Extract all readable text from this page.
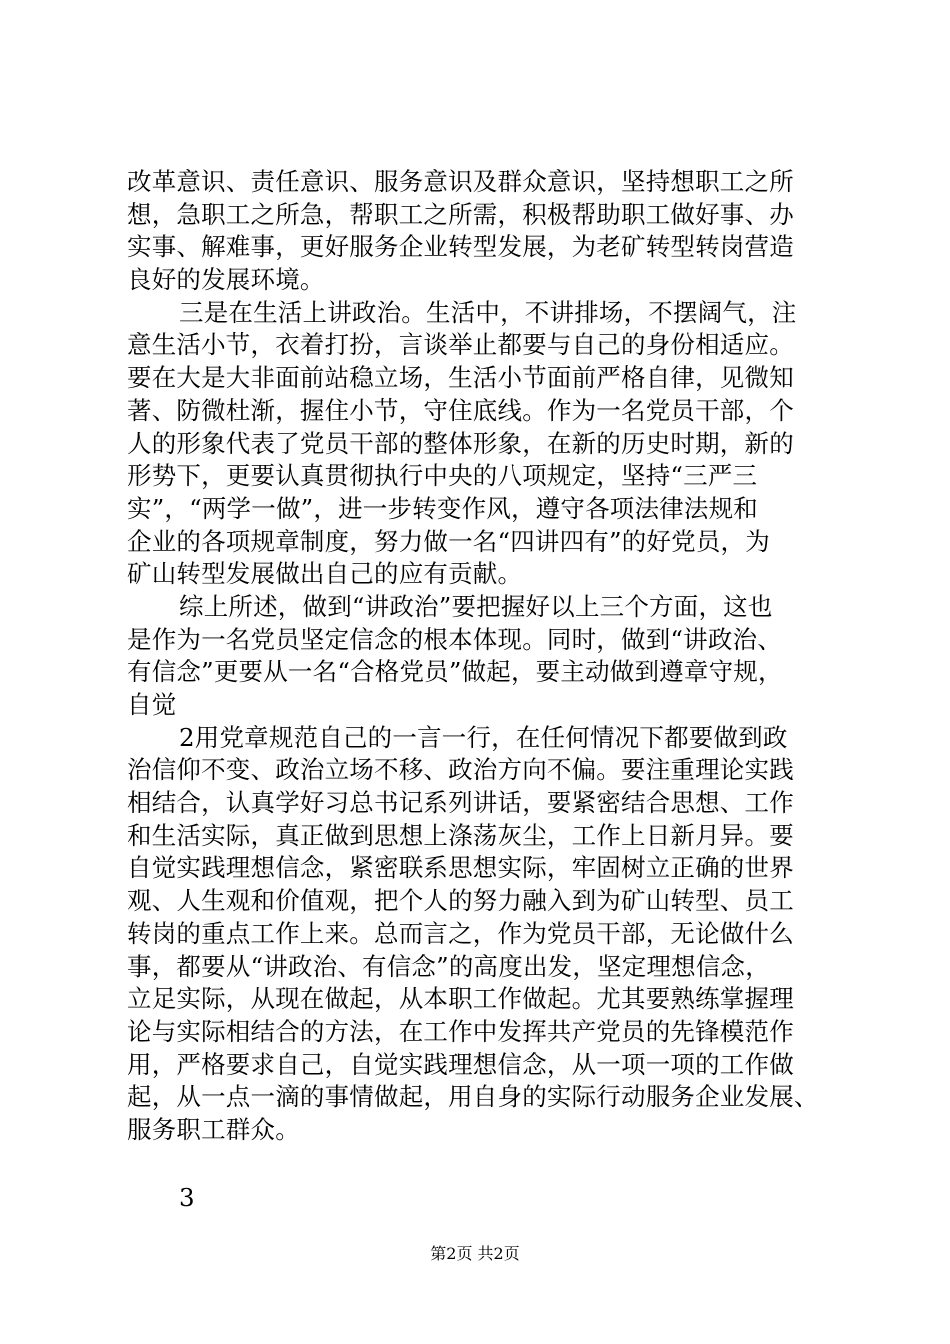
改革意识、责任意识、服务意识及群众意识，坚持想职工之所
想，急职工之所急，帮职工之所需，积极帮助职工做好事、办
实事、解难事，更好服务企业转型发展，为老矿转型转岗营造
良好的发展环境。
三是在生活上讲政治。生活中，不讲排场，不摆阔气，注
意生活小节，衣着打扮，言谈举止都要与自己的身份相适应。
要在大是大非面前站稳立场，生活小节面前严格自律，见微知
著、防微杜渐，握住小节，守住底线。作为一名党员干部，个
人的形象代表了党员干部的整体形象，在新的历史时期，新的
形势下，更要认真贯彻执行中央的八项规定，坚持“三严三
实”，“两学一做”，进一步转变作风，遵守各项法律法规和
企业的各项规章制度，努力做一名“四讲四有”的好党员，为
矿山转型发展做出自己的应有贡献。
综上所述，做到“讲政治”要把握好以上三个方面，这也
是作为一名党员坚定信念的根本体现。同时，做到“讲政治、
有信念”更要从一名“合格党员”做起，要主动做到遵章守规，
自觉
2用党章规范自己的一言一行，在任何情况下都要做到政
治信仰不变、政治立场不移、政治方向不偏。要注重理论实践
相结合，认真学好习总书记系列讲话，要紧密结合思想、工作
和生活实际，真正做到思想上涤荡灰尘，工作上日新月异。要
自觉实践理想信念，紧密联系思想实际，牢固树立正确的世界
观、人生观和价值观，把个人的努力融入到为矿山转型、员工
转岗的重点工作上来。总而言之，作为党员干部，无论做什么
事，都要从“讲政治、有信念”的高度出发，坚定理想信念，
立足实际，从现在做起，从本职工作做起。尤其要熟练掌握理
论与实际相结合的方法，在工作中发挥共产党员的先锋模范作
用，严格要求自己，自觉实践理想信念，从一项一项的工作做
起，从一点一滴的事情做起，用自身的实际行动服务企业发展、
服务职工群众。
3
第2页 共2页
